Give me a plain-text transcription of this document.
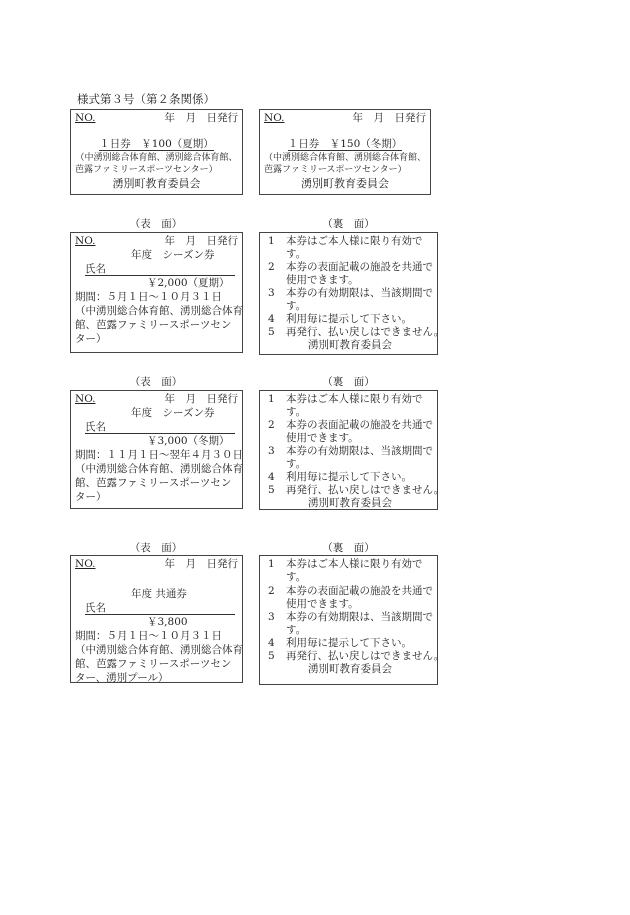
様式第３号（第２条関係）
NO.	年　月　日発行
１日券　￥100（夏期）
（中湧別総合体育館、湧別総合体育館、
芭露ファミリースポーツセンター）
湧別町教育委員会
NO.	年　月　日発行
１日券　￥150（冬期）
（中湧別総合体育館、湧別総合体育館、
芭露ファミリースポーツセンター）
湧別町教育委員会
（表　面）	（裏　面）
NO.	年　月　日発行
年度　シーズン券
氏名
￥2,000（夏期）
期間：５月１日～１０月３１日
（中湧別総合体育館、湧別総合体育
館、芭露ファミリースポーツセン
ター）
1 本券はご本人様に限り有効で
す。
2 本券の表面記載の施設を共通で
使用できます。
3 本券の有効期限は、当該期間で
す。
4 利用毎に提示して下さい。
5 再発行、払い戻しはできません。
湧別町教育委員会
（表　面）	（裏　面）
NO.	年　月　日発行
年度　シーズン券
氏名
￥3,000（冬期）
期間：１１月１日～翌年４月３０日
（中湧別総合体育館、湧別総合体育
館、芭露ファミリースポーツセン
ター）
1 本券はご本人様に限り有効で
す。
2 本券の表面記載の施設を共通で
使用できます。
3 本券の有効期限は、当該期間で
す。
4 利用毎に提示して下さい。
5 再発行、払い戻しはできません。
湧別町教育委員会
（表　面）	（裏　面）
NO.	年　月　日発行
年度 共通券
氏名
￥3,800
期間：５月１日～１０月３１日
（中湧別総合体育館、湧別総合体育
館、芭露ファミリースポーツセン
ター、湧別プール）
1 本券はご本人様に限り有効で
す。
2 本券の表面記載の施設を共通で
使用できます。
3 本券の有効期限は、当該期間で
す。
4 利用毎に提示して下さい。
5 再発行、払い戻しはできません。
湧別町教育委員会
